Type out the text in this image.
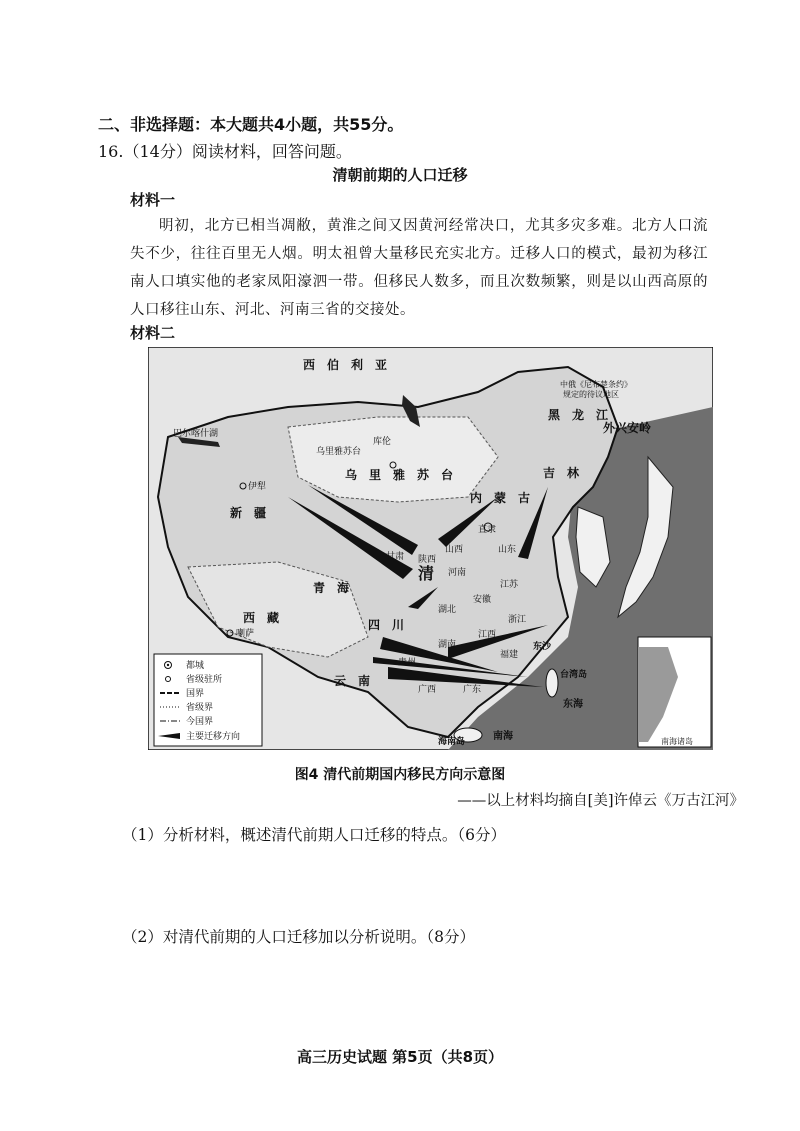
二、非选择题：本大题共4小题，共55分。
16.（14分）阅读材料，回答问题。
清朝前期的人口迁移
材料一
明初，北方已相当凋敝，黄淮之间又因黄河经常决口，尤其多灾多难。北方人口流失不少，往往百里无人烟。明太祖曾大量移民充实北方。迁移人口的模式，最初为移江南人口填实他的老家凤阳濠泗一带。但移民人数多，而且次数频繁，则是以山西高原的人口移往山东、河北、河南三省的交接处。
材料二
西　伯　利　亚
新　疆
青　海
西　藏	四　川
乌　里　雅　苏　台
内　蒙　古
黑　龙　江
外兴安岭
吉　林
云　南
清
东沙
台湾岛
东海
南海
海南岛
河南
山东
山西
陕西
甘肃
直隶
安徽
江苏
湖北
湖南
江西
福建
浙江
贵州
广西	广东
库伦
乌里雅苏台
伊犁
喇萨
巴尔喀什湖
中俄《尼布楚条约》
规定的待议地区
都城
省级驻所
国界
省级界
今国界
主要迁移方向	南海诸岛
图4 清代前期国内移民方向示意图
——以上材料均摘自[美]许倬云《万古江河》
（1）分析材料，概述清代前期人口迁移的特点。（6分）
（2）对清代前期的人口迁移加以分析说明。（8分）
高三历史试题 第5页（共8页）
